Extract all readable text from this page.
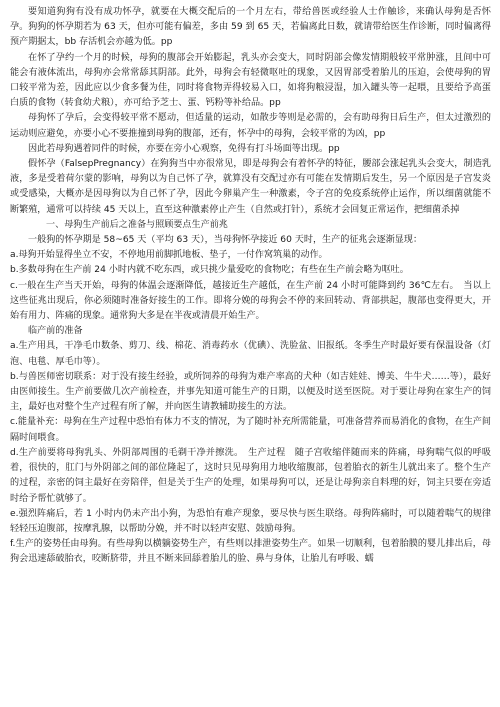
要知道狗狗有没有成功怀孕，就要在大概交配后的一个月左右，带给兽医或经验人士作触诊，来确认母狗是否怀孕。狗狗的怀孕期若为 63 天，但亦可能有偏差，多由 59 到 65 天，若偏离此日数，就请带给医生作诊断，同时偏离得预产期据太，bb 存活机会亦越为低。pp

在怀了孕约一个月的时候，母狗的腹部会开始膨起，乳头亦会变大，同时阴部会像发情期般较平常肿涨，且间中可能会有液体流出，母狗亦会常常舔其阴部。此外，母狗会有轻微呕吐的现象，又因胃部受着胎儿的压迫，会使母狗的胃口较平常为差，因此应以少食多餐为佳，同时将食物弄得较易入口，如将狗粮浸湿，加入罐头等一起喂，且要给予高蛋白质的食物（转食幼犬粮），亦可给予芝士、蛋、钙粉等补给品。pp

母狗怀了孕后，会变得较平常不愿动，但适量的运动，如散步等则是必需的，会有助母狗日后生产，但太过激烈的运动则应避免，亦要小心不要推撞到母狗的腹部，还有，怀孕中的母狗，会较平常的为凶，pp

因此若母狗遇着同件的时候，亦要在旁小心观察，免得有打斗场面等出现。pp

假怀孕（FalsepPregnancy）在狗狗当中亦很常见，即是母狗会有着怀孕的特征，腰部会涨起乳头会变大，制造乳液，多是受着荷尔蒙的影响，母狗以为自己怀了孕，就算没有交配过亦有可能在发情期后发生，另一个原因是子宫发炎或受感染，大概亦是因母狗以为自己怀了孕，因此今卵巢产生一种激素，令子宫的免疫系统停止运作，所以细菌就能不断繁殖，通常可以持续 45 天以上，直至这种激素停止产生（自然或打针），系统才会回复正常运作，把细菌杀掉

一、母狗生产前后之准备与照顾要点生产前兆

一般狗的怀孕期是 58~65 天（平均 63 天），当母狗怀孕接近 60 天时，生产的征兆会逐渐显现：

a.母狗开始显得坐立不安，不停地用前脚抓地板、垫子，一付作窝筑巢的动作。

b.多数母狗在生产前 24 小时内就不吃东西，或只挑少量爱吃的食物吃；有些在生产前会略为呕吐。

c.一般在生产当天开始，母狗的体温会逐渐降低，越接近生产越低，在生产前 24 小时可能降到约 36℃左右。　当以上这些征兆出现后，你必须随时准备好接生的工作。即将分娩的母狗会不停的来回转动、背部拱起，腹部也变得更大，开始有用力、阵痛的现象。通常狗大多是在半夜或清晨开始生产。

临产前的准备

a.生产用具，干净毛巾数条、剪刀、线、棉花、消毒药水（优碘）、洗脸盆、旧报纸。冬季生产时最好要有保温设备（灯泡、电毯、厚毛巾等）。

b.与兽医师密切联系：对于没有接生经验，或所饲养的母狗为难产率高的犬种（如吉娃娃、博美、牛牛犬……等），最好由医师接生。生产前要做几次产前检查，并事先知道可能生产的日期，以便及时送至医院。对于要让母狗在家生产的饲主，最好也对整个生产过程有所了解，并向医生请教辅助接生的方法。

c.能量补充：母狗在生产过程中恐怕有体力不支的情况，为了随时补充所需能量，可准备营养而易消化的食物，在生产间隔时间喂食。

d.生产前要将母狗乳头、外阴部周围的毛剃干净并擦洗。　生产过程　随子宫收缩伴随而来的阵痛，母狗喘气似的呼吸着，很快的，肛门与外阴部之间的部位隆起了，这时只见母狗用力地收缩腹部，包着胎衣的新生儿就出来了。整个生产的过程，亲密的饲主最好在旁陪伴，但是关于生产的处理，如果母狗可以，还是让母狗亲自料理的好，饲主只要在旁适时给予帮忙就够了。

e.强烈阵痛后，若 1 小时内仍未产出小狗，为恐怕有难产现象，要尽快与医生联络。母狗阵痛时，可以随着喘气的规律轻轻压迫腹部，按摩乳腺，以帮助分娩，并不时以轻声安慰、鼓励母狗。

f.生产的姿势任由母狗。有些母狗以横躺姿势生产，有些则以排泄姿势生产。如果一切顺利，包着胎膜的婴儿排出后，母狗会迅速舔破胎衣，咬断脐带，并且不断来回舔着胎儿的脸、鼻与身体，让胎儿有呼吸、蠕
